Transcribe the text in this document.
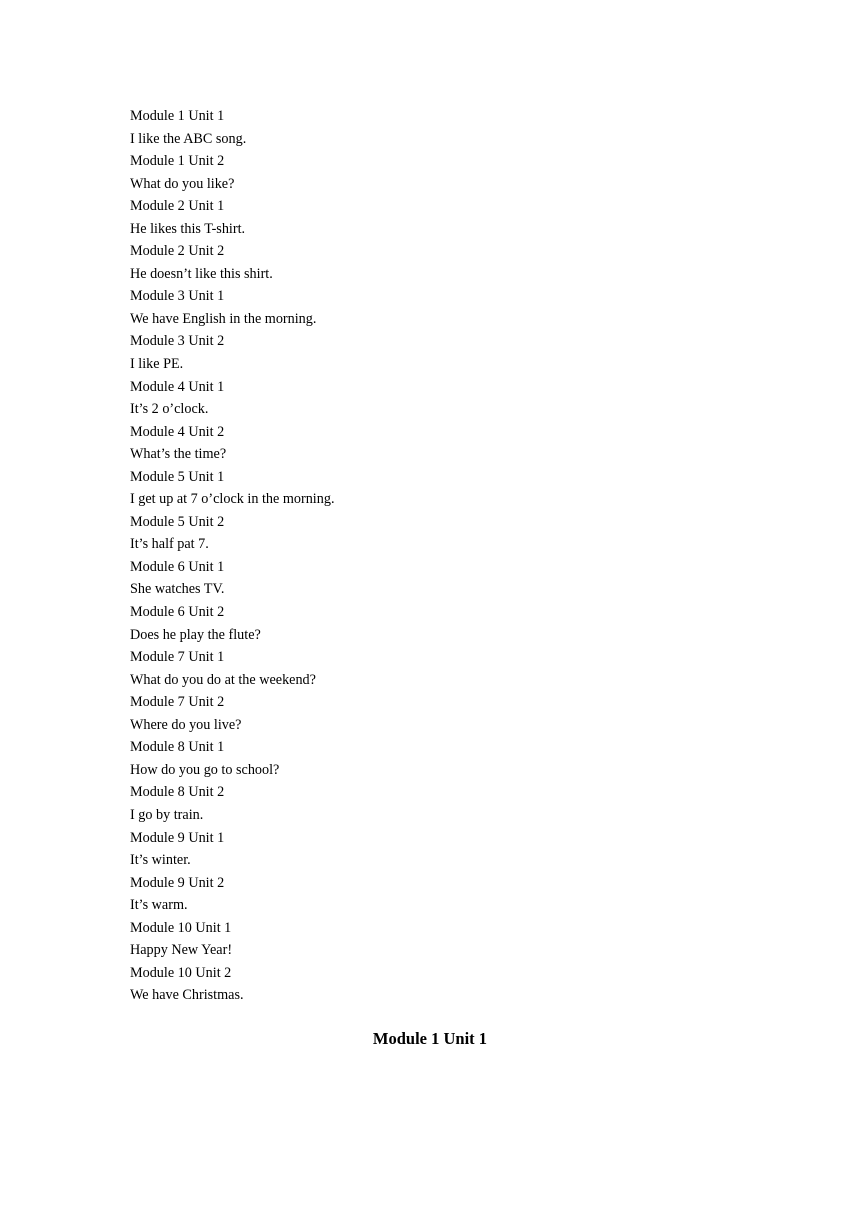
Module 1 Unit 1
I like the ABC song.
Module 1 Unit 2
What do you like?
Module 2 Unit 1
He likes this T-shirt.
Module 2 Unit 2
He doesn’t like this shirt.
Module 3 Unit 1
We have English in the morning.
Module 3 Unit 2
I like PE.
Module 4 Unit 1
It’s 2 o’clock.
Module 4 Unit 2
What’s the time?
Module 5 Unit 1
I get up at 7 o’clock in the morning.
Module 5 Unit 2
It’s half pat 7.
Module 6 Unit 1
She watches TV.
Module 6 Unit 2
Does he play the flute?
Module 7 Unit 1
What do you do at the weekend?
Module 7 Unit 2
Where do you live?
Module 8 Unit 1
How do you go to school?
Module 8 Unit 2
I go by train.
Module 9 Unit 1
It’s winter.
Module 9 Unit 2
It’s warm.
Module 10 Unit 1
Happy New Year!
Module 10 Unit 2
We have Christmas.
Module 1 Unit 1
